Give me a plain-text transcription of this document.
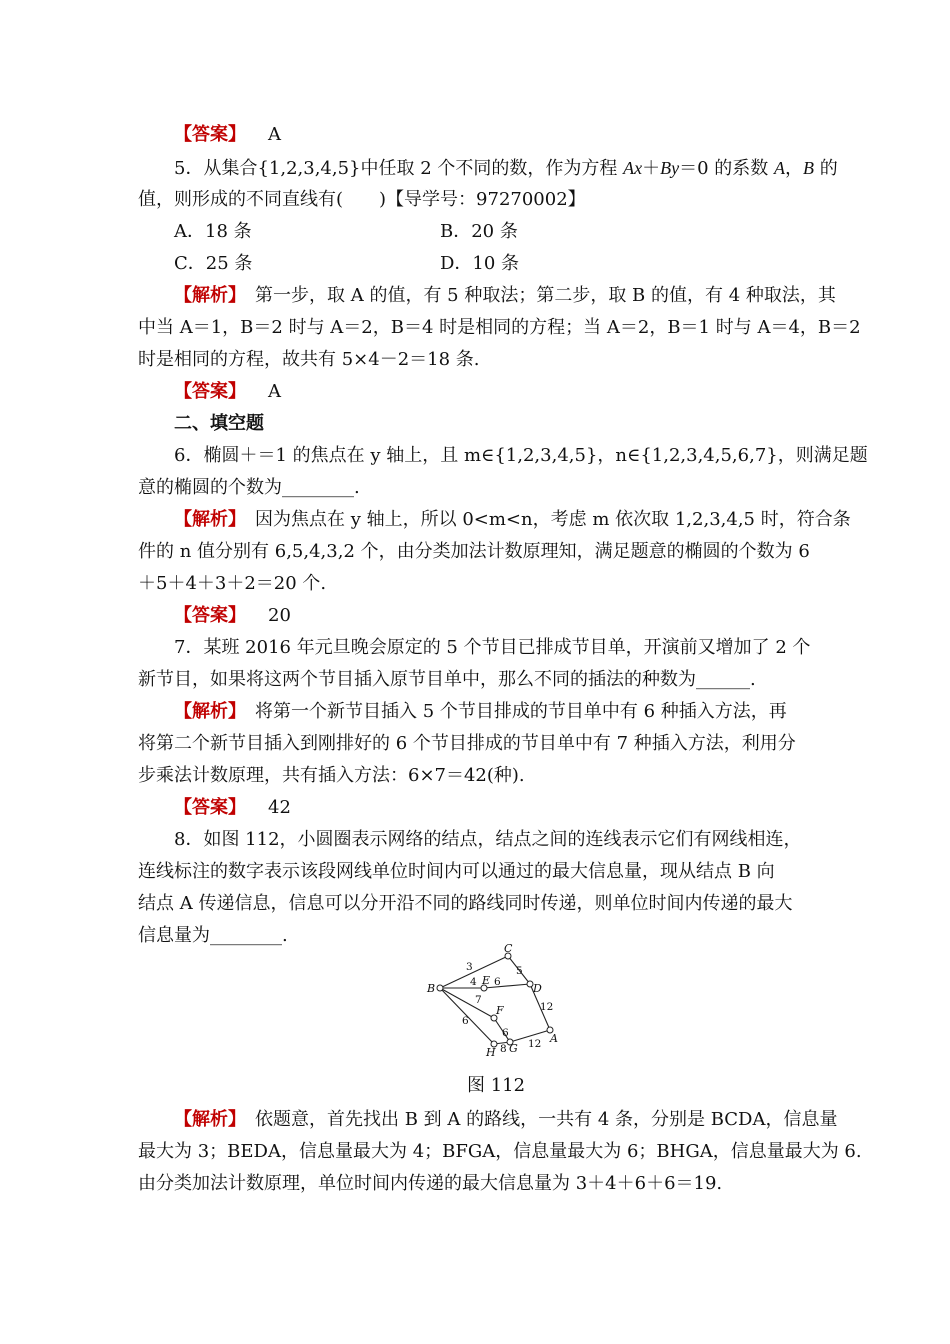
【答案】 A
5．从集合{1,2,3,4,5}中任取 2 个不同的数，作为方程 Ax＋By＝0 的系数 A，B 的
值，则形成的不同直线有(　　)【导学号：97270002】
A．18 条	B．20 条
C．25 条	D．10 条
【解析】　第一步，取 A 的值，有 5 种取法；第二步，取 B 的值，有 4 种取法，其
中当 A＝1，B＝2 时与 A＝2，B＝4 时是相同的方程；当 A＝2，B＝1 时与 A＝4，B＝2
时是相同的方程，故共有 5×4－2＝18 条.
【答案】 A
二、填空题
6．椭圆＋＝1 的焦点在 y 轴上，且 m∈{1,2,3,4,5}，n∈{1,2,3,4,5,6,7}，则满足题
意的椭圆的个数为________.
【解析】　因为焦点在 y 轴上，所以 0<m<n，考虑 m 依次取 1,2,3,4,5 时，符合条
件的 n 值分别有 6,5,4,3,2 个，由分类加法计数原理知，满足题意的椭圆的个数为 6
＋5＋4＋3＋2＝20 个.
【答案】 20
7．某班 2016 年元旦晚会原定的 5 个节目已排成节目单，开演前又增加了 2 个
新节目，如果将这两个节目插入原节目单中，那么不同的插法的种数为______.
【解析】　将第一个新节目插入 5 个节目排成的节目单中有 6 种插入方法，再
将第二个新节目插入到刚排好的 6 个节目排成的节目单中有 7 种插入方法，利用分
步乘法计数原理，共有插入方法：6×7＝42(种).
【答案】 42
8．如图 112，小圆圈表示网络的结点，结点之间的连线表示它们有网线相连，
连线标注的数字表示该段网线单位时间内可以通过的最大信息量，现从结点 B 向
结点 A 传递信息，信息可以分开沿不同的路线同时传递，则单位时间内传递的最大
信息量为________.
B
C
E
D
F
A
H G
3	5
4 6
7
12
6
6
8 12
图 112
【解析】　依题意，首先找出 B 到 A 的路线，一共有 4 条，分别是 BCDA，信息量
最大为 3；BEDA，信息量最大为 4；BFGA，信息量最大为 6；BHGA，信息量最大为 6.
由分类加法计数原理，单位时间内传递的最大信息量为 3＋4＋6＋6＝19.
